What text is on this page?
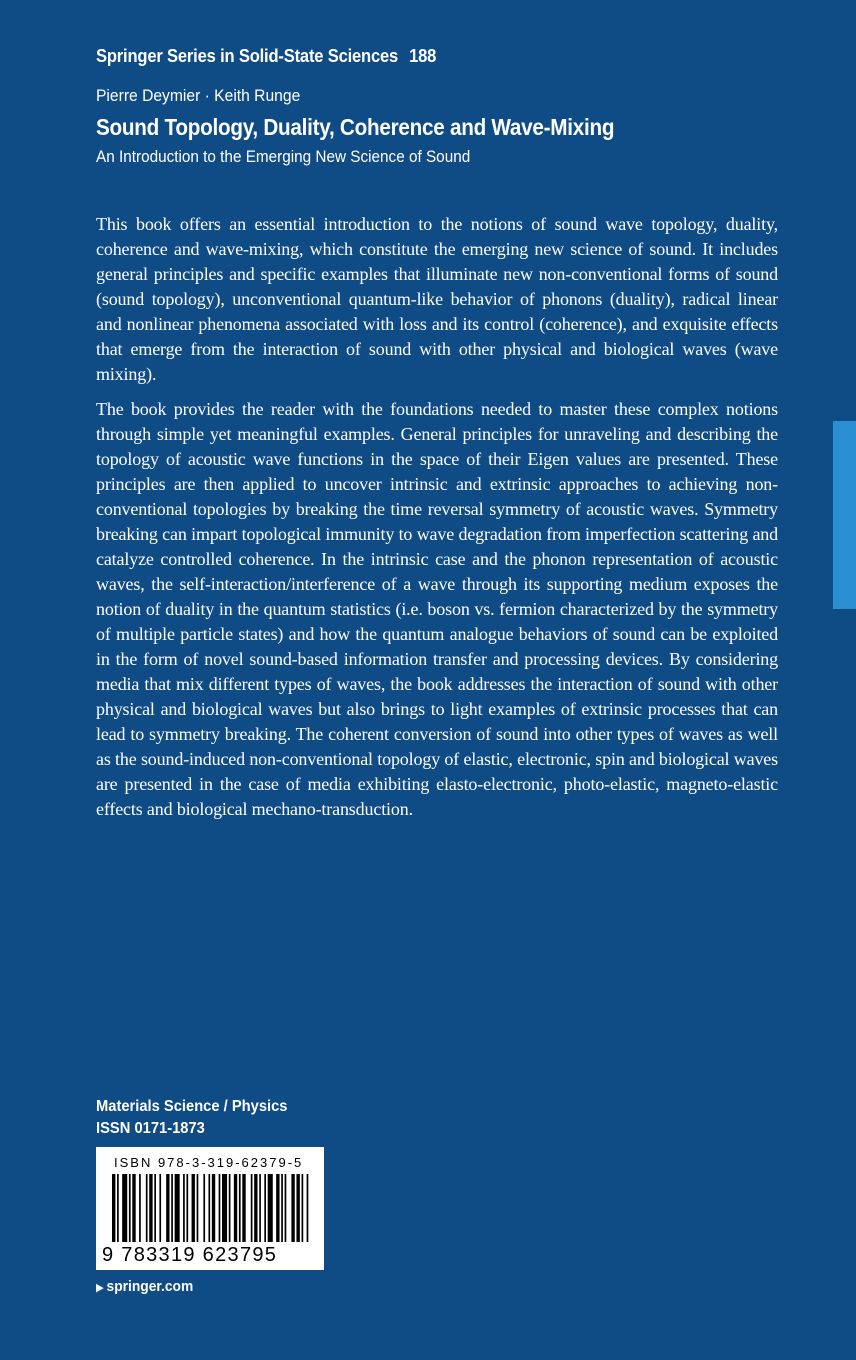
Springer Series in Solid-State Sciences 188
Pierre Deymier · Keith Runge
Sound Topology, Duality, Coherence and Wave-Mixing
An Introduction to the Emerging New Science of Sound

This book offers an essential introduction to the notions of sound wave topology, duality, coherence and wave-mixing, which constitute the emerging new science of sound. It includes general principles and specific examples that illuminate new non-conventional forms of sound (sound topology), unconventional quantum-like behavior of phonons (duality), radical linear and nonlinear phenomena associated with loss and its control (coherence), and exquisite effects that emerge from the interaction of sound with other physical and biological waves (wave mixing).

The book provides the reader with the foundations needed to master these complex notions through simple yet meaningful examples. General principles for unraveling and describing the topology of acoustic wave functions in the space of their Eigen values are presented. These principles are then applied to uncover intrinsic and extrinsic approaches to achieving non-conventional topologies by breaking the time reversal symmetry of acoustic waves. Symmetry breaking can impart topological immunity to wave degradation from imperfection scattering and catalyze controlled coherence. In the intrinsic case and the phonon representation of acoustic waves, the self-interaction/interference of a wave through its supporting medium exposes the notion of duality in the quantum statistics (i.e. boson vs. fermion characterized by the symmetry of multiple particle states) and how the quantum analogue behaviors of sound can be exploited in the form of novel sound-based information transfer and processing devices. By considering media that mix different types of waves, the book addresses the interaction of sound with other physical and biological waves but also brings to light examples of extrinsic processes that can lead to symmetry breaking. The coherent conversion of sound into other types of waves as well as the sound-induced non-conventional topology of elastic, electronic, spin and biological waves are presented in the case of media exhibiting elasto-electronic, photo-elastic, magneto-elastic effects and biological mechano-transduction.

Materials Science / Physics
ISSN 0171-1873
ISBN 978-3-319-62379-5
9 783319 623795
▶ springer.com
